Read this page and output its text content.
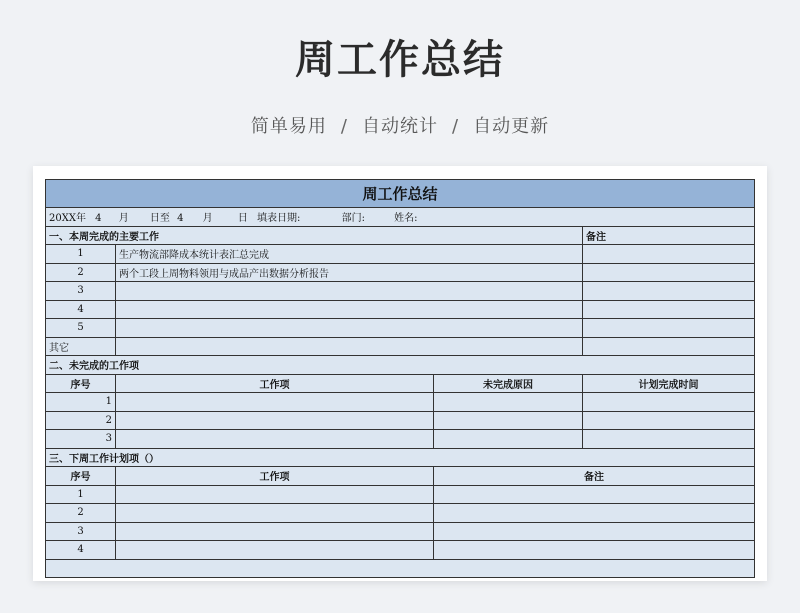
周工作总结
简单易用 / 自动统计 / 自动更新
周工作总结			
20XX年 4 月 日至 4 月 日 填表日期: 部门: 姓名:			
一、本周完成的主要工作			备注
1	生产物流部降成本统计表汇总完成		
2	两个工段上周物料领用与成品产出数据分析报告		
3			
4			
5			
其它			
二、未完成的工作项			
序号	工作项	未完成原因	计划完成时间
1			
2			
3			
三、下周工作计划项（）			
序号	工作项	备注	
1			
2			
3			
4			
